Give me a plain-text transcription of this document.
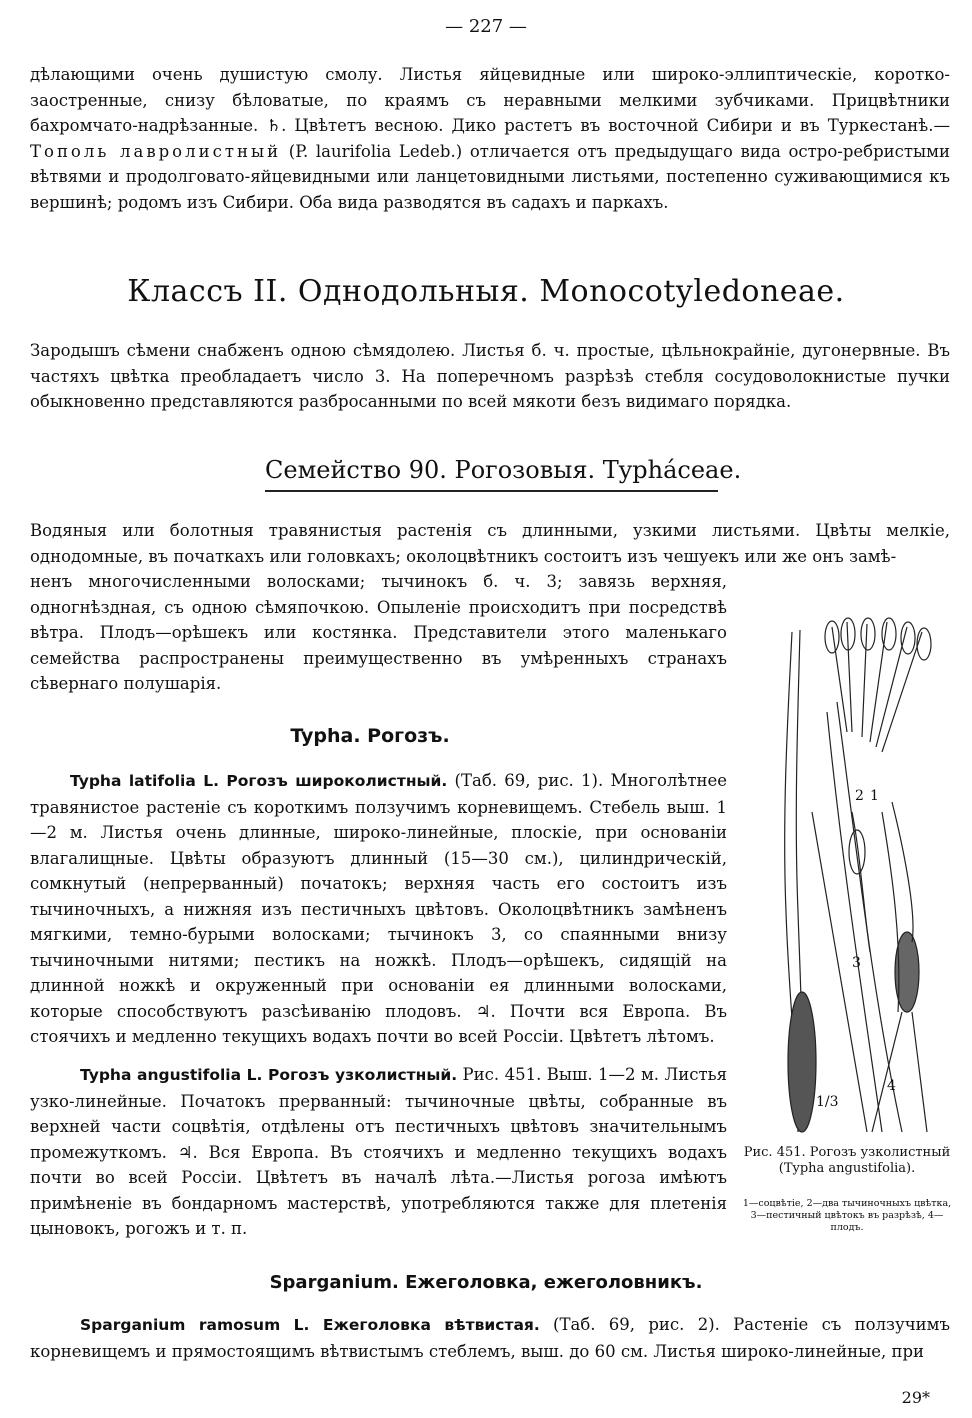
— 227 —

дѣлающими очень душистую смолу. Листья яйцевидные или широко-эллиптическіе, коротко-заостренные, снизу бѣловатые, по краямъ съ неравными мелкими зубчиками. Прицвѣтники бахромчато-надрѣзанные. ♄. Цвѣтетъ весною. Дико растетъ въ восточной Сибири и въ Туркестанѣ.—Тополь лавролистный (P. laurifolia Ledeb.) отличается отъ предыдущаго вида остро-ребристыми вѣтвями и продолговато-яйцевидными или ланцетовидными листьями, постепенно суживающимися къ вершинѣ; родомъ изъ Сибири. Оба вида разводятся въ садахъ и паркахъ.

Классъ II. Однодольныя. Monocotyledoneae.

Зародышъ сѣмени снабженъ одною сѣмядолею. Листья б. ч. простые, цѣльнокрайніе, дугонервные. Въ частяхъ цвѣтка преобладаетъ число 3. На поперечномъ разрѣзѣ стебля сосудоволокнистые пучки обыкновенно представляются разбросанными по всей мякоти безъ видимаго порядка.

Семейство 90. Рогозовыя. Typháceae.

Водяныя или болотныя травянистыя растенія съ длинными, узкими листьями. Цвѣты мелкіе, однодомные, въ початкахъ или головкахъ; околоцвѣтникъ состоитъ изъ чешуекъ или же онъ замѣ-

ненъ многочисленными волосками; тычинокъ б. ч. 3; завязь верхняя, одногнѣздная, съ одною сѣмяпочкою. Опыленіе происходитъ при посредствѣ вѣтра. Плодъ—орѣшекъ или костянка. Представители этого маленькаго семейства распространены преимущественно въ умѣренныхъ странахъ сѣвернаго полушарія.

Typha. Рогозъ.

Typha latifolia L. Рогозъ широколистный. (Таб. 69, рис. 1). Многолѣтнее травянистое растеніе съ короткимъ ползучимъ корневищемъ. Стебель выш. 1—2 м. Листья очень длинные, широко-линейные, плоскіе, при основаніи влагалищные. Цвѣты образуютъ длинный (15—30 см.), цилиндрическій, сомкнутый (непрерванный) початокъ; верхняя часть его состоитъ изъ тычиночныхъ, а нижняя изъ пестичныхъ цвѣтовъ. Околоцвѣтникъ замѣненъ мягкими, темно-бурыми волосками; тычинокъ 3, со спаянными внизу тычиночными нитями; пестикъ на ножкѣ. Плодъ—орѣшекъ, сидящій на длинной ножкѣ и окруженный при основаніи ея длинными волосками, которые способствуютъ разсѣиванію плодовъ. ♃. Почти вся Европа. Въ стоячихъ и медленно текущихъ водахъ почти во всей Россіи. Цвѣтетъ лѣтомъ.

Typha angustifolia L. Рогозъ узколистный. Рис. 451. Выш. 1—2 м. Листья узко-линейные. Початокъ прерванный: тычиночные цвѣты, собранные въ верхней части соцвѣтія, отдѣлены отъ пестичныхъ цвѣтовъ значительнымъ промежуткомъ. ♃. Вся Европа. Въ стоячихъ и медленно текущихъ водахъ почти во всей Россіи. Цвѣтетъ въ началѣ лѣта.—Листья рогоза имѣютъ примѣненіе въ бондарномъ мастерствѣ, употребляются также для плетенія цыновокъ, рогожъ и т. п.

2 1
3
4
1/3
Рис. 451. Рогозъ узколистный (Typha angustifolia).
1—соцвѣтіе, 2—два тычиночныхъ цвѣтка, 3—пестичный цвѣтокъ въ разрѣзѣ, 4—плодъ.
Sparganium. Ежеголовка, ежеголовникъ.

Sparganium ramosum L. Ежеголовка вѣтвистая. (Таб. 69, рис. 2). Растеніе съ ползучимъ корневищемъ и прямостоящимъ вѣтвистымъ стеблемъ, выш. до 60 см. Листья широко-линейные, при

29*
